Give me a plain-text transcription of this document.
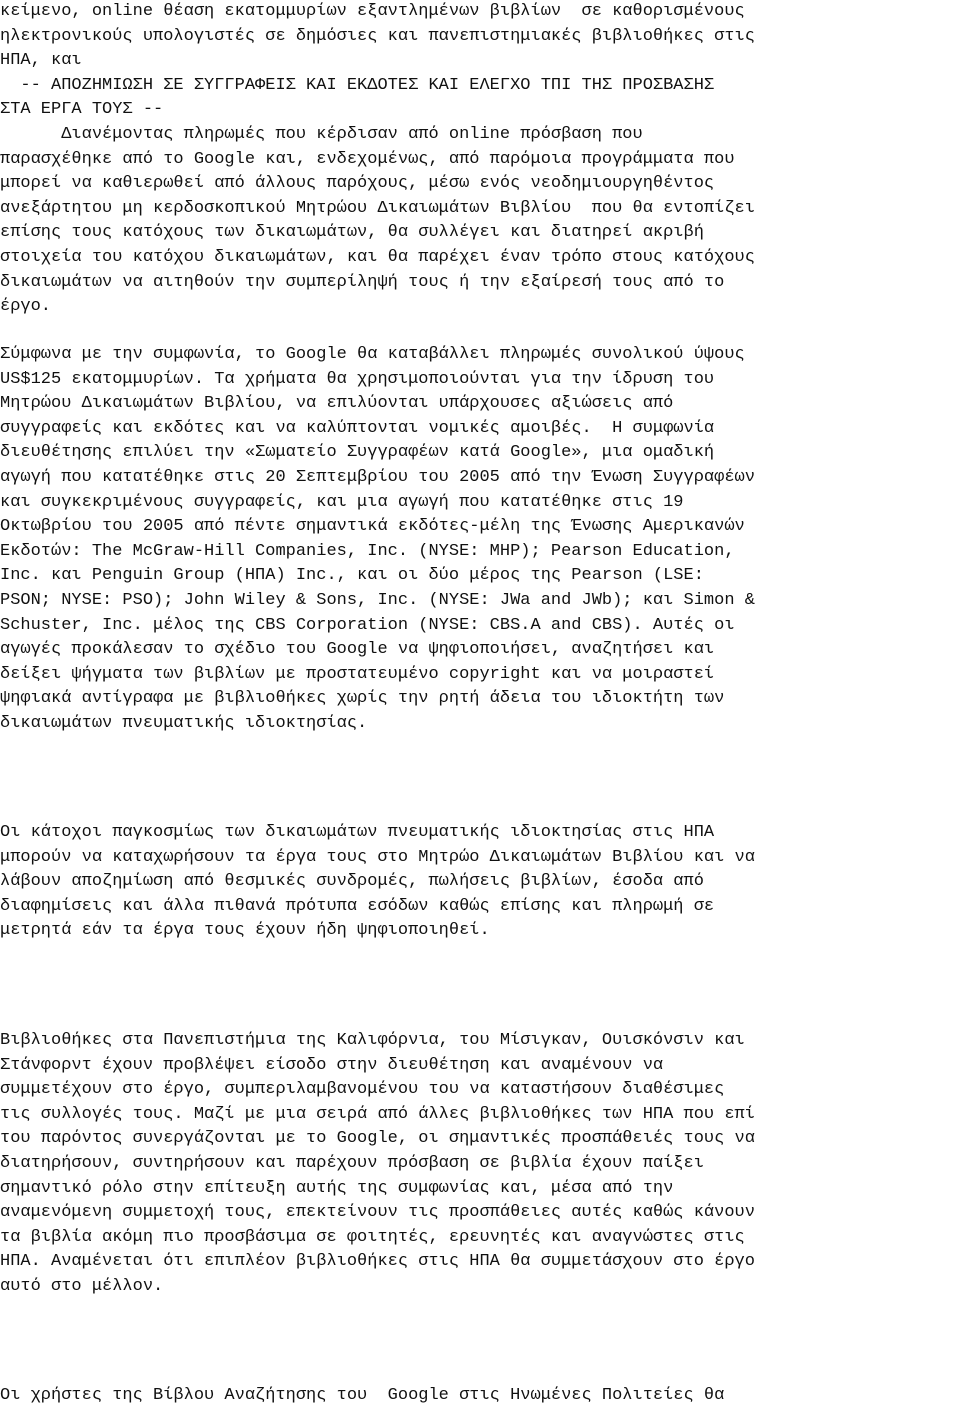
κείμενο, online θέαση εκατομμυρίων εξαντλημένων βιβλίων  σε καθορισμένους
ηλεκτρονικούς υπολογιστές σε δημόσιες και πανεπιστημιακές βιβλιοθήκες στις
ΗΠΑ, και
-- ΑΠΟΖΗΜΙΩΣΗ ΣΕ ΣΥΓΓΡΑΦΕΙΣ ΚΑΙ ΕΚΔΟΤΕΣ ΚΑΙ ΕΛΕΓΧΟ ΤΠΙ ΤΗΣ ΠΡΟΣΒΑΣΗΣ
ΣΤΑ ΕΡΓΑ ΤΟΥΣ --
Διανέμοντας πληρωμές που κέρδισαν από online πρόσβαση που
παρασχέθηκε από το Google και, ενδεχομένως, από παρόμοια προγράμματα που
μπορεί να καθιερωθεί από άλλους παρόχους, μέσω ενός νεοδημιουργηθέντος
ανεξάρτητου μη κερδοσκοπικού Μητρώου Δικαιωμάτων Βιβλίου  που θα εντοπίζει
επίσης τους κατόχους των δικαιωμάτων, θα συλλέγει και διατηρεί ακριβή
στοιχεία του κατόχου δικαιωμάτων, και θα παρέχει έναν τρόπο στους κατόχους
δικαιωμάτων να αιτηθούν την συμπερίληψή τους ή την εξαίρεσή τους από το
έργο.
Σύμφωνα με την συμφωνία, το Google θα καταβάλλει πληρωμές συνολικού ύψους
US$125 εκατομμυρίων. Τα χρήματα θα χρησιμοποιούνται για την ίδρυση του
Μητρώου Δικαιωμάτων Βιβλίου, να επιλύονται υπάρχουσες αξιώσεις από
συγγραφείς και εκδότες και να καλύπτονται νομικές αμοιβές.  Η συμφωνία
διευθέτησης επιλύει την «Σωματείο Συγγραφέων κατά Google», μια ομαδική
αγωγή που κατατέθηκε στις 20 Σεπτεμβρίου του 2005 από την Ένωση Συγγραφέων
και συγκεκριμένους συγγραφείς, και μια αγωγή που κατατέθηκε στις 19
Οκτωβρίου του 2005 από πέντε σημαντικά εκδότες-μέλη της Ένωσης Αμερικανών
Εκδοτών: The McGraw-Hill Companies, Inc. (NYSE: MHP); Pearson Education,
Inc. και Penguin Group (ΗΠΑ) Inc., και οι δύο μέρος της Pearson (LSE:
PSON; NYSE: PSO); John Wiley & Sons, Inc. (NYSE: JWa and JWb); και Simon &
Schuster, Inc. μέλος της CBS Corporation (NYSE: CBS.A and CBS). Αυτές οι
αγωγές προκάλεσαν το σχέδιο του Google να ψηφιοποιήσει, αναζητήσει και
δείξει ψήγματα των βιβλίων με προστατευμένο copyright και να μοιραστεί
ψηφιακά αντίγραφα με βιβλιοθήκες χωρίς την ρητή άδεια του ιδιοκτήτη των
δικαιωμάτων πνευματικής ιδιοκτησίας.
Οι κάτοχοι παγκοσμίως των δικαιωμάτων πνευματικής ιδιοκτησίας στις ΗΠΑ
μπορούν να καταχωρήσουν τα έργα τους στο Μητρώο Δικαιωμάτων Βιβλίου και να
λάβουν αποζημίωση από θεσμικές συνδρομές, πωλήσεις βιβλίων, έσοδα από
διαφημίσεις και άλλα πιθανά πρότυπα εσόδων καθώς επίσης και πληρωμή σε
μετρητά εάν τα έργα τους έχουν ήδη ψηφιοποιηθεί.
Βιβλιοθήκες στα Πανεπιστήμια της Καλιφόρνια, του Μίσιγκαν, Ουισκόνσιν και
Στάνφορντ έχουν προβλέψει είσοδο στην διευθέτηση και αναμένουν να
συμμετέχουν στο έργο, συμπεριλαμβανομένου του να καταστήσουν διαθέσιμες
τις συλλογές τους. Μαζί με μια σειρά από άλλες βιβλιοθήκες των ΗΠΑ που επί
του παρόντος συνεργάζονται με το Google, οι σημαντικές προσπάθειές τους να
διατηρήσουν, συντηρήσουν και παρέχουν πρόσβαση σε βιβλία έχουν παίξει
σημαντικό ρόλο στην επίτευξη αυτής της συμφωνίας και, μέσα από την
αναμενόμενη συμμετοχή τους, επεκτείνουν τις προσπάθειες αυτές καθώς κάνουν
τα βιβλία ακόμη πιο προσβάσιμα σε φοιτητές, ερευνητές και αναγνώστες στις
ΗΠΑ. Αναμένεται ότι επιπλέον βιβλιοθήκες στις ΗΠΑ θα συμμετάσχουν στο έργο
αυτό στο μέλλον.
Οι χρήστες της Βίβλου Αναζήτησης του  Google στις Ηνωμένες Πολιτείες θα
